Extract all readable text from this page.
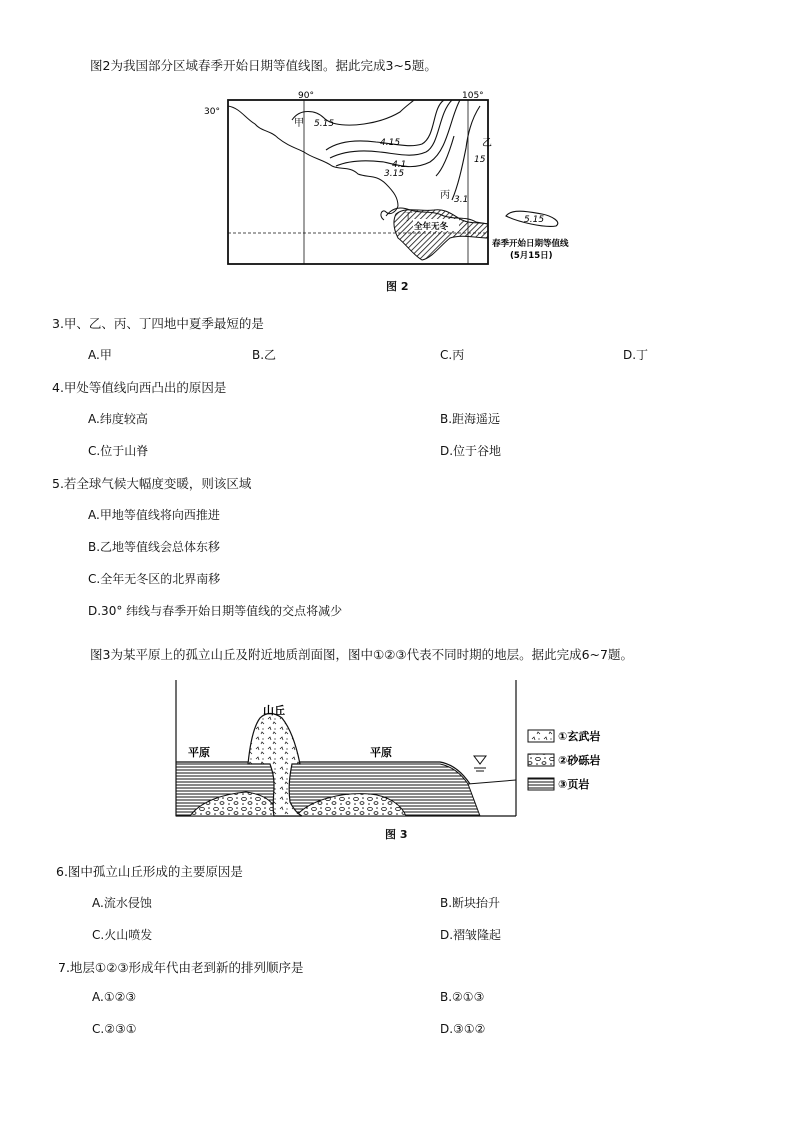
图2为我国部分区域春季开始日期等值线图。据此完成3~5题。
30°
90°	105°
甲
乙
丙
丁
全年无冬
5.15
4.15
4.1
3.15
3.1
15
5.15
春季开始日期等值线
(5月15日)
图 2
3.甲、乙、丙、丁四地中夏季最短的是
A.甲	B.乙	C.丙	D.丁
4.甲处等值线向西凸出的原因是
A.纬度较高	B.距海遥远
C.位于山脊	D.位于谷地
5.若全球气候大幅度变暖，则该区域
A.甲地等值线将向西推进
B.乙地等值线会总体东移
C.全年无冬区的北界南移
D.30° 纬线与春季开始日期等值线的交点将减少
图3为某平原上的孤立山丘及附近地质剖面图，图中①②③代表不同时期的地层。据此完成6~7题。
山丘
平原	平原
①玄武岩
②砂砾岩
③页岩
图 3
6.图中孤立山丘形成的主要原因是
A.流水侵蚀	B.断块抬升
C.火山喷发	D.褶皱隆起
7.地层①②③形成年代由老到新的排列顺序是
A.①②③	B.②①③
C.②③①	D.③①②
